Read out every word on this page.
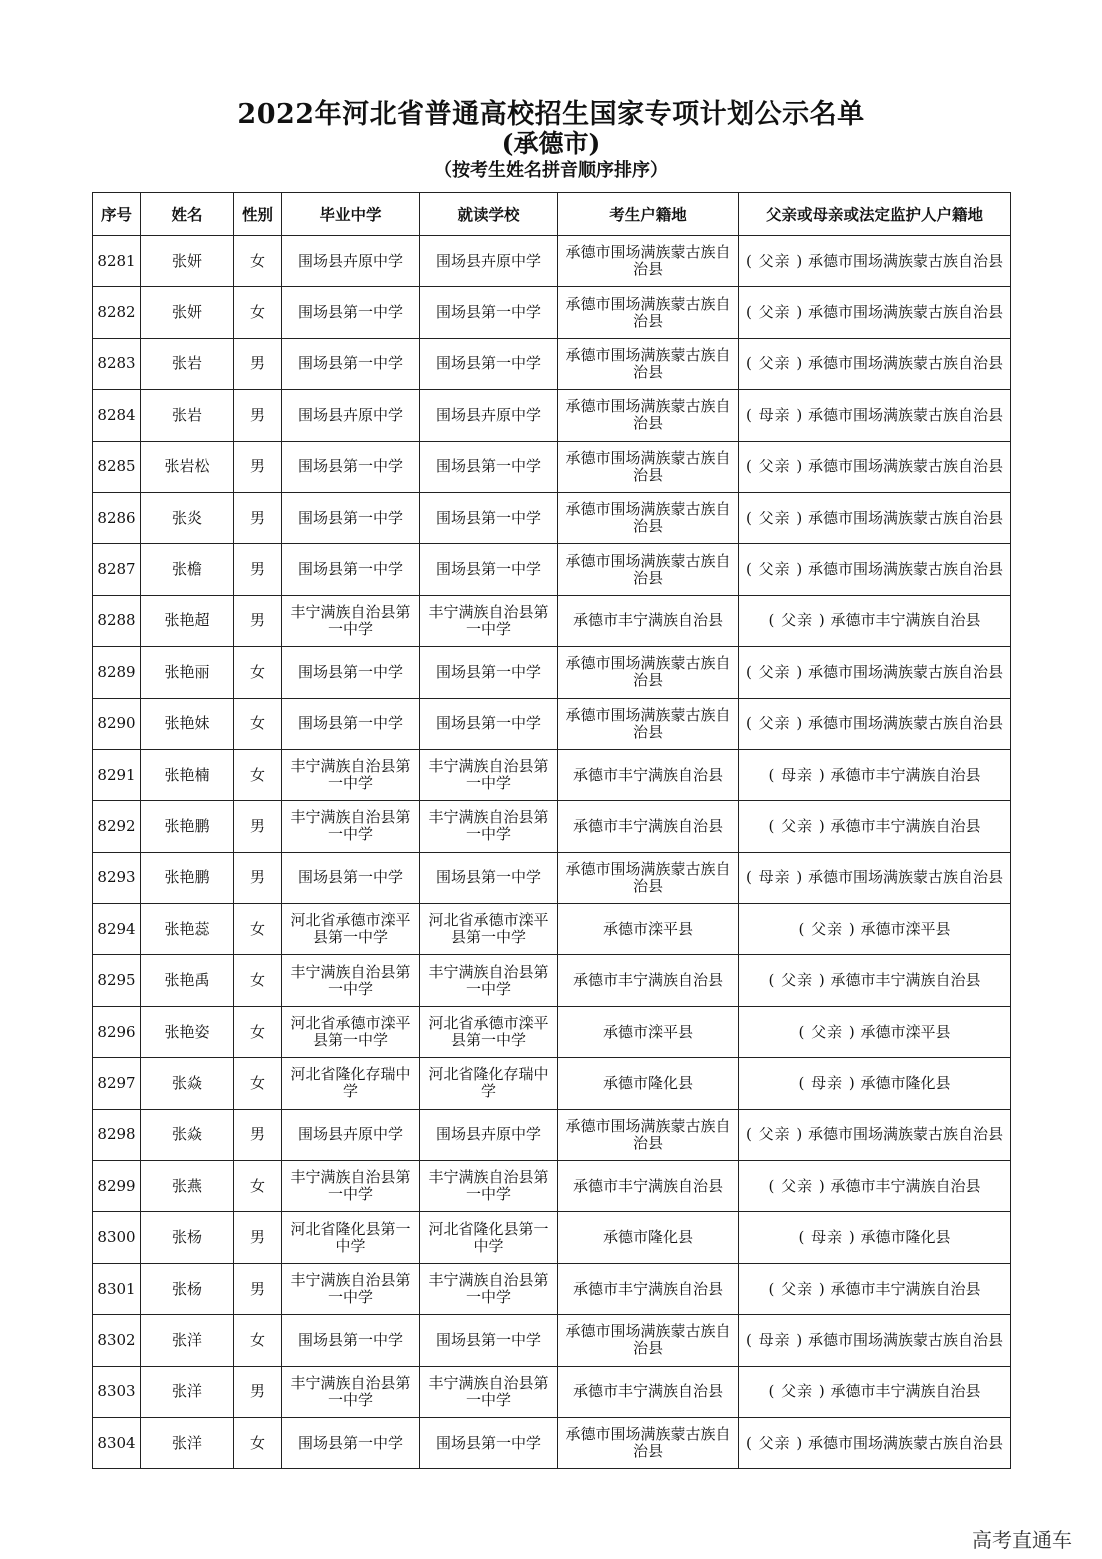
2022年河北省普通高校招生国家专项计划公示名单
(承德市)
（按考生姓名拼音顺序排序）
序号	姓名	性别	毕业中学	就读学校	考生户籍地	父亲或母亲或法定监护人户籍地
8281	张妍	女	围场县卉原中学	围场县卉原中学	承德市围场满族蒙古族自治县	( 父亲 ) 承德市围场满族蒙古族自治县
8282	张妍	女	围场县第一中学	围场县第一中学	承德市围场满族蒙古族自治县	( 父亲 ) 承德市围场满族蒙古族自治县
8283	张岩	男	围场县第一中学	围场县第一中学	承德市围场满族蒙古族自治县	( 父亲 ) 承德市围场满族蒙古族自治县
8284	张岩	男	围场县卉原中学	围场县卉原中学	承德市围场满族蒙古族自治县	( 母亲 ) 承德市围场满族蒙古族自治县
8285	张岩松	男	围场县第一中学	围场县第一中学	承德市围场满族蒙古族自治县	( 父亲 ) 承德市围场满族蒙古族自治县
8286	张炎	男	围场县第一中学	围场县第一中学	承德市围场满族蒙古族自治县	( 父亲 ) 承德市围场满族蒙古族自治县
8287	张檐	男	围场县第一中学	围场县第一中学	承德市围场满族蒙古族自治县	( 父亲 ) 承德市围场满族蒙古族自治县
8288	张艳超	男	丰宁满族自治县第一中学	丰宁满族自治县第一中学	承德市丰宁满族自治县	( 父亲 ) 承德市丰宁满族自治县
8289	张艳丽	女	围场县第一中学	围场县第一中学	承德市围场满族蒙古族自治县	( 父亲 ) 承德市围场满族蒙古族自治县
8290	张艳妹	女	围场县第一中学	围场县第一中学	承德市围场满族蒙古族自治县	( 父亲 ) 承德市围场满族蒙古族自治县
8291	张艳楠	女	丰宁满族自治县第一中学	丰宁满族自治县第一中学	承德市丰宁满族自治县	( 母亲 ) 承德市丰宁满族自治县
8292	张艳鹏	男	丰宁满族自治县第一中学	丰宁满族自治县第一中学	承德市丰宁满族自治县	( 父亲 ) 承德市丰宁满族自治县
8293	张艳鹏	男	围场县第一中学	围场县第一中学	承德市围场满族蒙古族自治县	( 母亲 ) 承德市围场满族蒙古族自治县
8294	张艳蕊	女	河北省承德市滦平县第一中学	河北省承德市滦平县第一中学	承德市滦平县	( 父亲 ) 承德市滦平县
8295	张艳禹	女	丰宁满族自治县第一中学	丰宁满族自治县第一中学	承德市丰宁满族自治县	( 父亲 ) 承德市丰宁满族自治县
8296	张艳姿	女	河北省承德市滦平县第一中学	河北省承德市滦平县第一中学	承德市滦平县	( 父亲 ) 承德市滦平县
8297	张焱	女	河北省隆化存瑞中学	河北省隆化存瑞中学	承德市隆化县	( 母亲 ) 承德市隆化县
8298	张焱	男	围场县卉原中学	围场县卉原中学	承德市围场满族蒙古族自治县	( 父亲 ) 承德市围场满族蒙古族自治县
8299	张燕	女	丰宁满族自治县第一中学	丰宁满族自治县第一中学	承德市丰宁满族自治县	( 父亲 ) 承德市丰宁满族自治县
8300	张杨	男	河北省隆化县第一中学	河北省隆化县第一中学	承德市隆化县	( 母亲 ) 承德市隆化县
8301	张杨	男	丰宁满族自治县第一中学	丰宁满族自治县第一中学	承德市丰宁满族自治县	( 父亲 ) 承德市丰宁满族自治县
8302	张洋	女	围场县第一中学	围场县第一中学	承德市围场满族蒙古族自治县	( 母亲 ) 承德市围场满族蒙古族自治县
8303	张洋	男	丰宁满族自治县第一中学	丰宁满族自治县第一中学	承德市丰宁满族自治县	( 父亲 ) 承德市丰宁满族自治县
8304	张洋	女	围场县第一中学	围场县第一中学	承德市围场满族蒙古族自治县	( 父亲 ) 承德市围场满族蒙古族自治县
高考直通车
